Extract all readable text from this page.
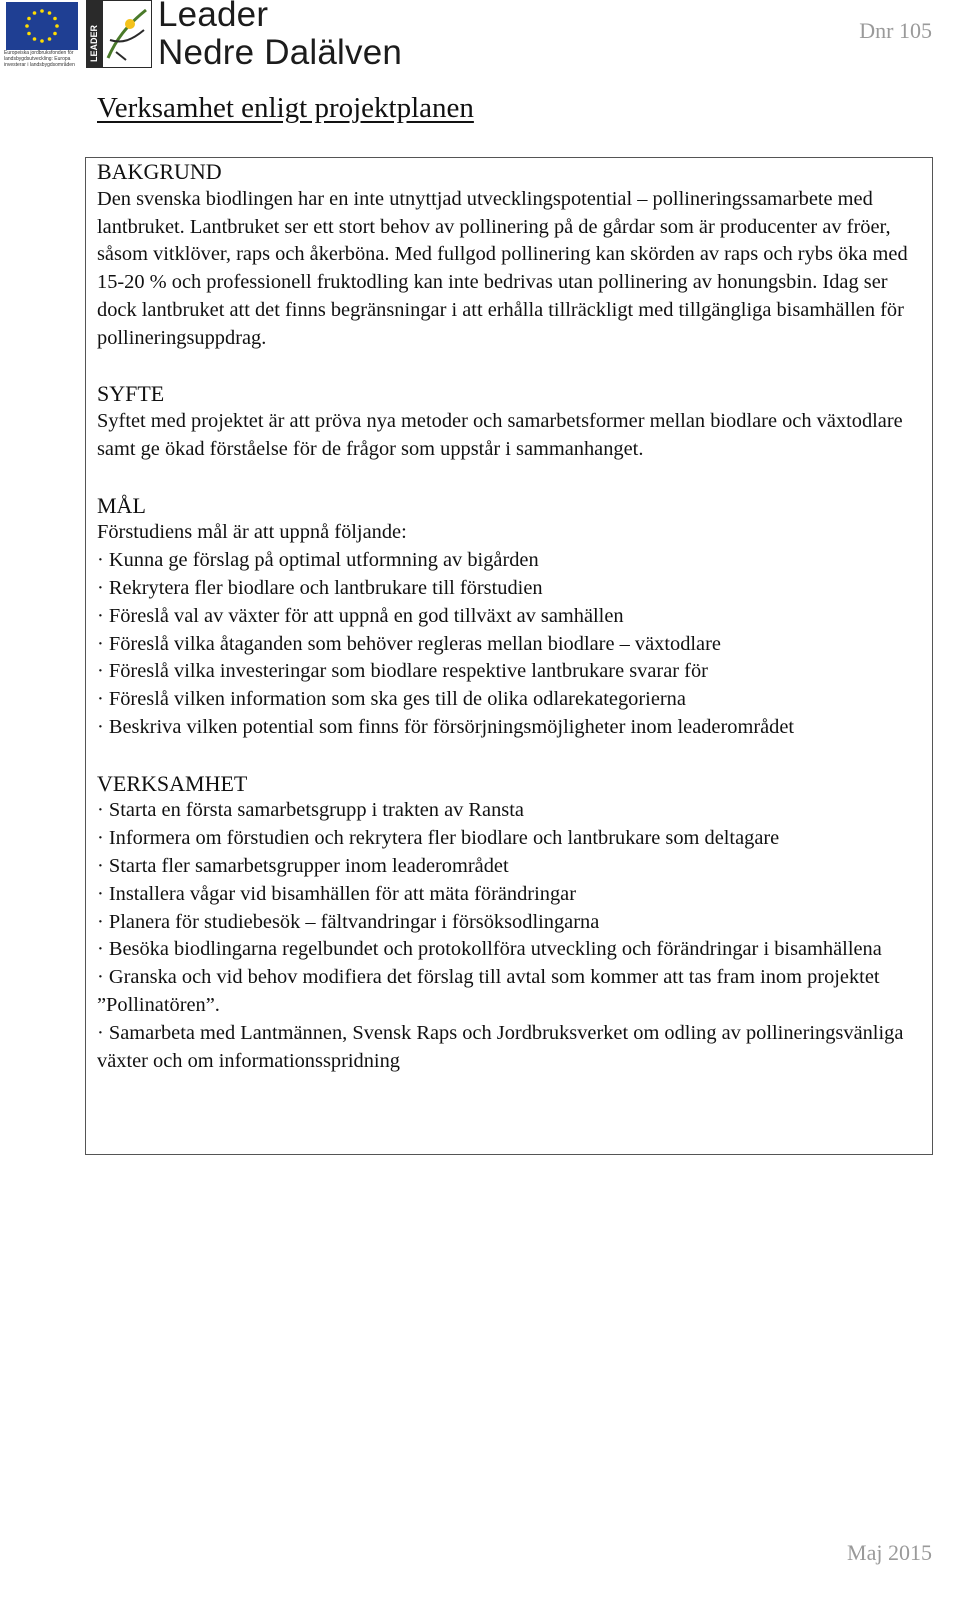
Europeiska jordbruksfonden för landsbygdsutveckling: Europa investerar i landsbygdsområden
LEADER
Leader
Nedre Dalälven
Dnr 105
Verksamhet enligt projektplanen
BAKGRUND

Den svenska biodlingen har en inte utnyttjad utvecklingspotential – pollineringssamarbete med lantbruket. Lantbruket ser ett stort behov av pollinering på de gårdar som är producenter av fröer, såsom vitklöver, raps och åkerböna. Med fullgod pollinering kan skörden av raps och rybs öka med 15-20 % och professionell fruktodling kan inte bedrivas utan pollinering av honungsbin. Idag ser dock lantbruket att det finns begränsningar i att erhålla tillräckligt med tillgängliga bisamhällen för pollineringsuppdrag.

SYFTE

Syftet med projektet är att pröva nya metoder och samarbetsformer mellan biodlare och växtodlare samt ge ökad förståelse för de frågor som uppstår i sammanhanget.

MÅL

Förstudiens mål är att uppnå följande:

· Kunna ge förslag på optimal utformning av bigården

· Rekrytera fler biodlare och lantbrukare till förstudien

· Föreslå val av växter för att uppnå en god tillväxt av samhällen

· Föreslå vilka åtaganden som behöver regleras mellan biodlare – växtodlare

· Föreslå vilka investeringar som biodlare respektive lantbrukare svarar för

· Föreslå vilken information som ska ges till de olika odlarekategorierna

· Beskriva vilken potential som finns för försörjningsmöjligheter inom leaderområdet

VERKSAMHET

· Starta en första samarbetsgrupp i trakten av Ransta

· Informera om förstudien och rekrytera fler biodlare och lantbrukare som deltagare

· Starta fler samarbetsgrupper inom leaderområdet

· Installera vågar vid bisamhällen för att mäta förändringar

· Planera för studiebesök – fältvandringar i försöksodlingarna

· Besöka biodlingarna regelbundet och protokollföra utveckling och förändringar i bisamhällena

· Granska och vid behov modifiera det förslag till avtal som kommer att tas fram inom projektet ”Pollinatören”.

· Samarbeta med Lantmännen, Svensk Raps och Jordbruksverket om odling av pollineringsvänliga växter och om informationsspridning

Maj 2015
